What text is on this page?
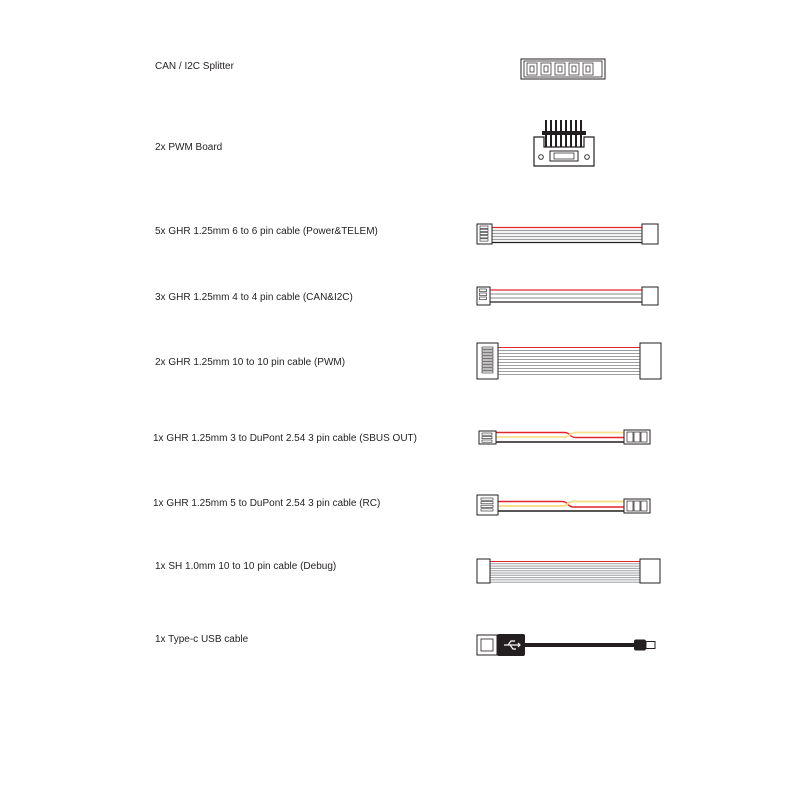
CAN / I2C Splitter
2x PWM Board
5x GHR 1.25mm 6 to 6 pin cable (Power&TELEM)
3x GHR 1.25mm 4 to 4 pin cable (CAN&I2C)
2x GHR 1.25mm 10 to 10 pin cable (PWM)
1x GHR 1.25mm 3 to DuPont 2.54 3 pin cable (SBUS OUT)
1x GHR 1.25mm 5 to DuPont 2.54 3 pin cable (RC)
1x SH 1.0mm 10 to 10 pin cable (Debug)
1x Type-c USB cable
